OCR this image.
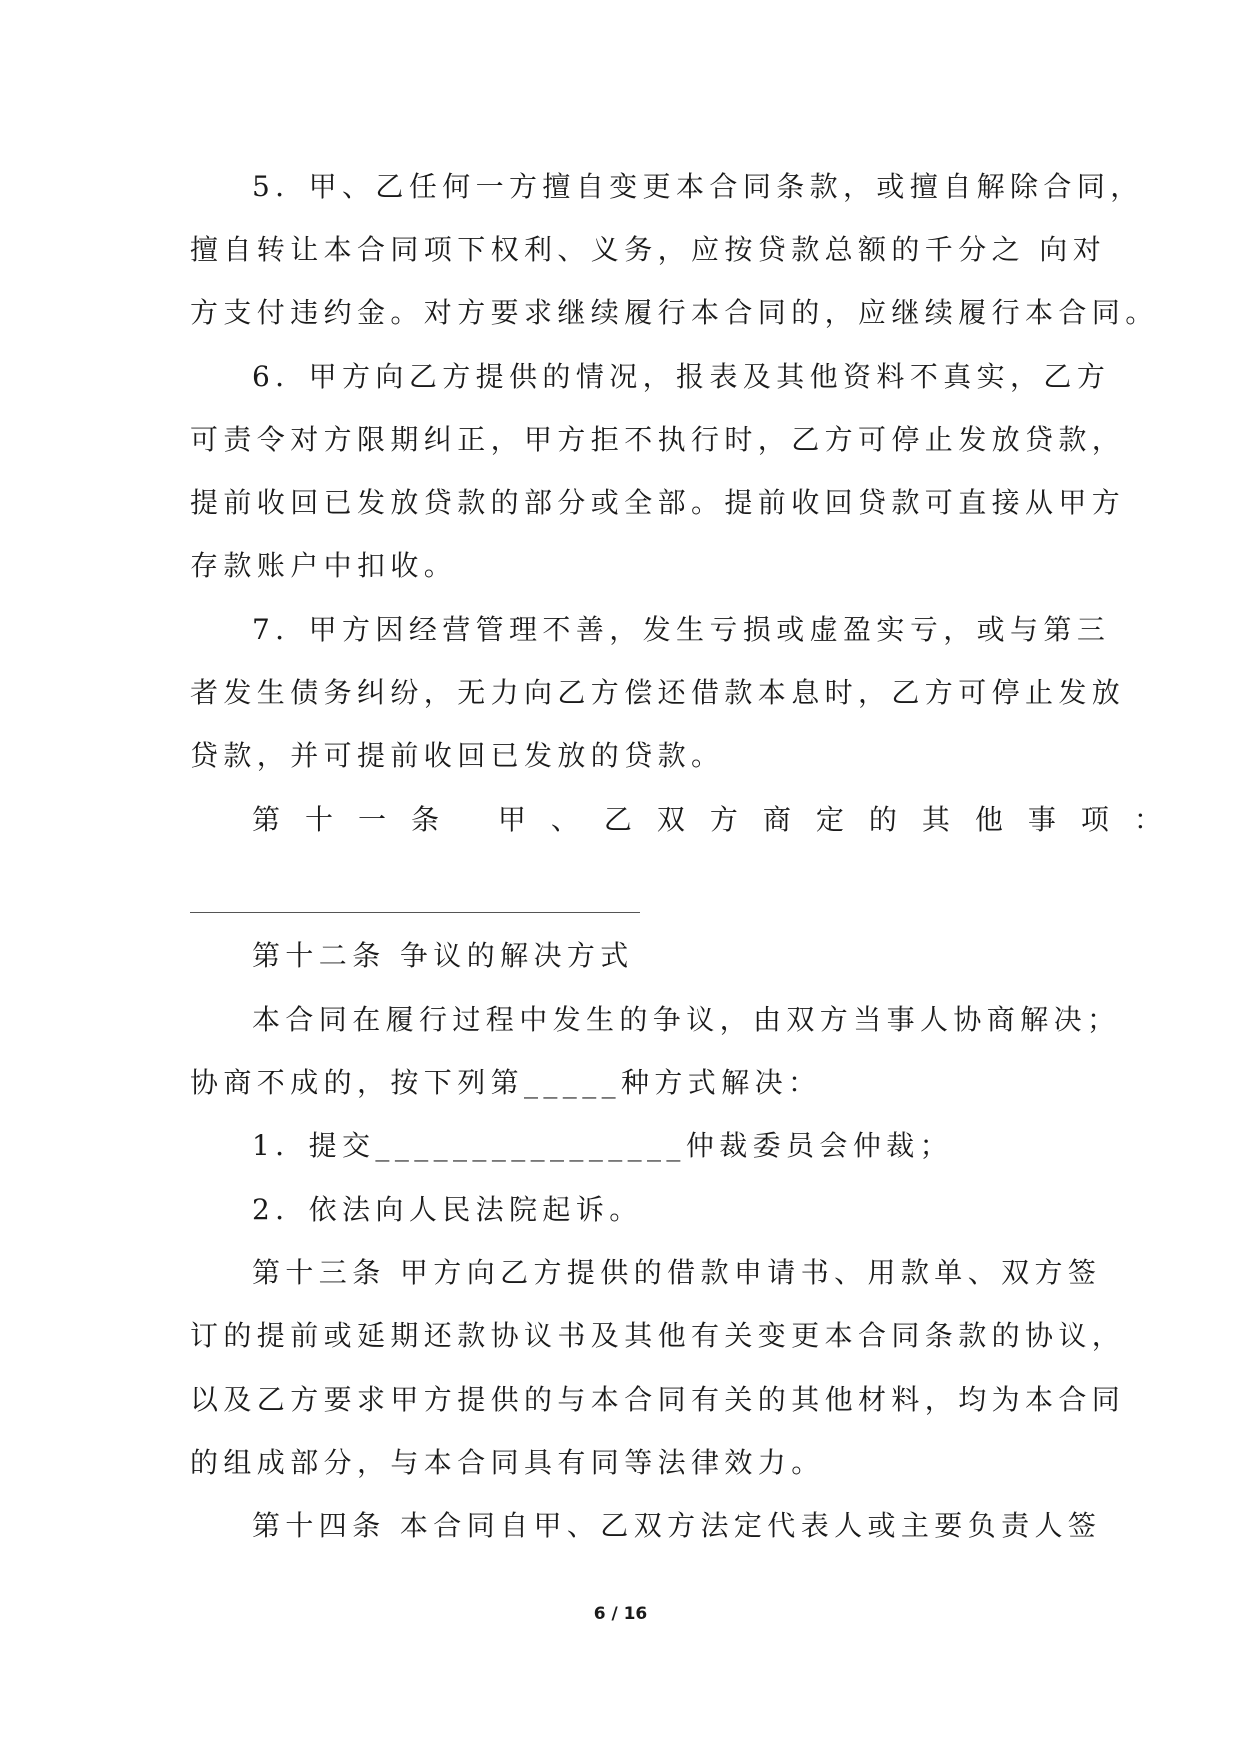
5．甲、乙任何一方擅自变更本合同条款，或擅自解除合同，
擅自转让本合同项下权利、义务，应按贷款总额的千分之 向对
方支付违约金。对方要求继续履行本合同的，应继续履行本合同。
6．甲方向乙方提供的情况，报表及其他资料不真实，乙方
可责令对方限期纠正，甲方拒不执行时，乙方可停止发放贷款，
提前收回已发放贷款的部分或全部。提前收回贷款可直接从甲方
存款账户中扣收。
7．甲方因经营管理不善，发生亏损或虚盈实亏，或与第三
者发生债务纠纷，无力向乙方偿还借款本息时，乙方可停止发放
贷款，并可提前收回已发放的贷款。
第十一条 甲、乙双方商定的其他事项：
第十二条 争议的解决方式
本合同在履行过程中发生的争议，由双方当事人协商解决；
协商不成的，按下列第_____种方式解决：
1．提交________________仲裁委员会仲裁；
2．依法向人民法院起诉。
第十三条 甲方向乙方提供的借款申请书、用款单、双方签
订的提前或延期还款协议书及其他有关变更本合同条款的协议，
以及乙方要求甲方提供的与本合同有关的其他材料，均为本合同
的组成部分，与本合同具有同等法律效力。
第十四条 本合同自甲、乙双方法定代表人或主要负责人签
6 / 16
